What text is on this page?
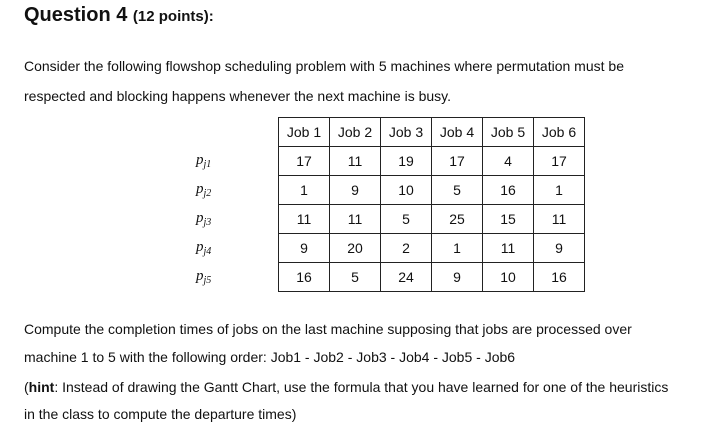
Question 4 (12 points):
Consider the following flowshop scheduling problem with 5 machines where permutation must be
respected and blocking happens whenever the next machine is busy.
	Job 1	Job 2	Job 3	Job 4	Job 5	Job 6
$p_{j1}$	17	11	19	17	4	17
$p_{j2}$	1	9	10	5	16	1
$p_{j3}$	11	11	5	25	15	11
$p_{j4}$	9	20	2	1	11	9
$p_{j5}$	16	5	24	9	10	16
Compute the completion times of jobs on the last machine supposing that jobs are processed over
machine 1 to 5 with the following order: Job1 - Job2 - Job3 - Job4 - Job5 - Job6
(hint: Instead of drawing the Gantt Chart, use the formula that you have learned for one of the heuristics
in the class to compute the departure times)
